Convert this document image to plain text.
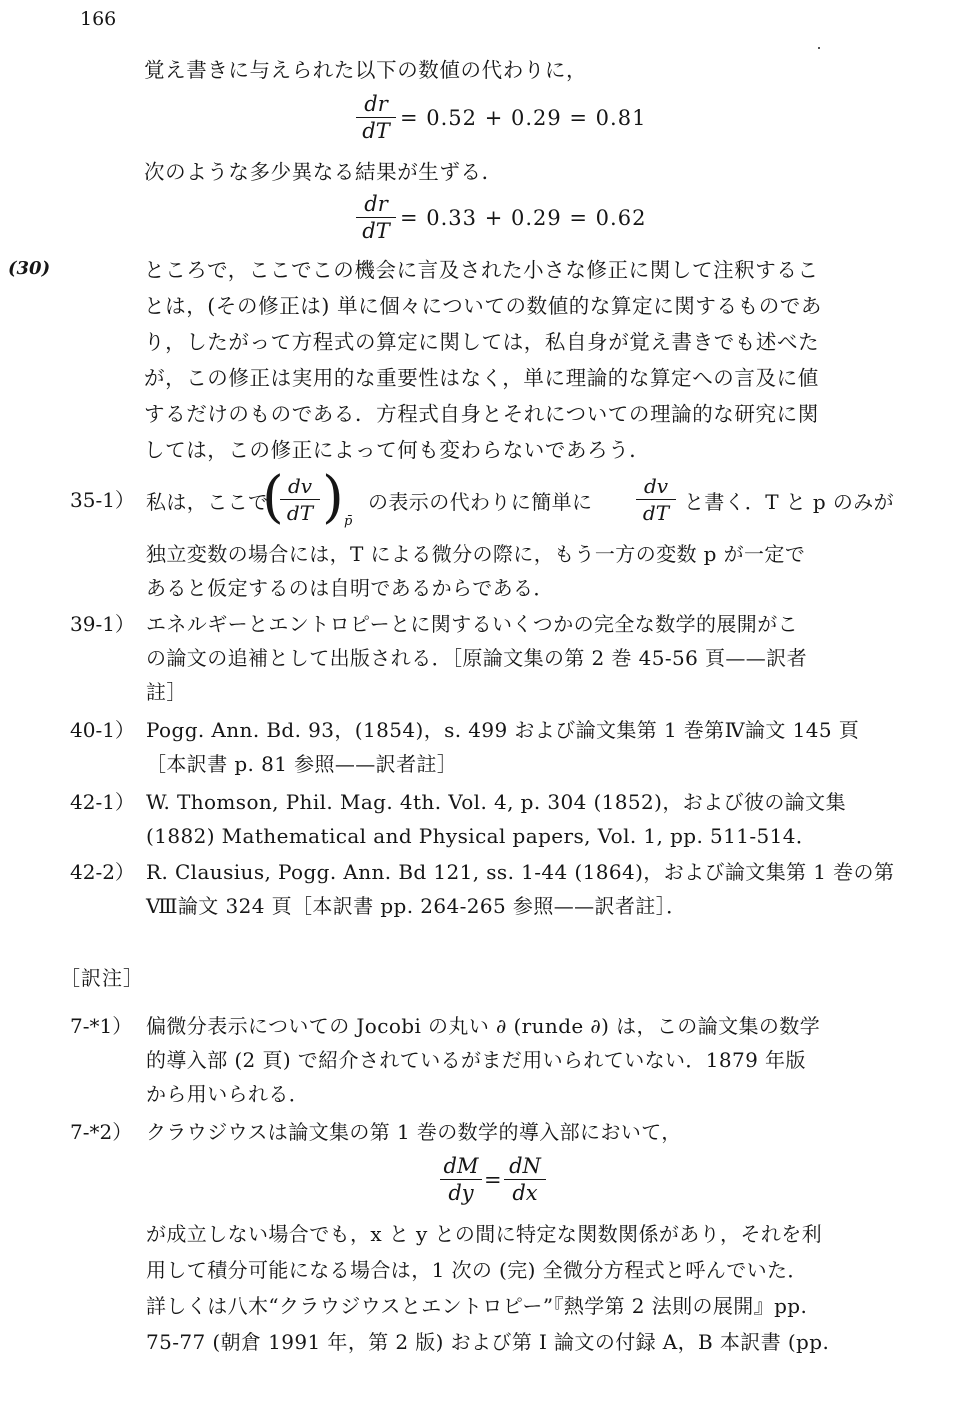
166
覚え書きに与えられた以下の数値の代わりに，
dr
dT
= 0.52 + 0.29 = 0.81
次のような多少異なる結果が生ずる．
dr
dT
= 0.33 + 0.29 = 0.62
(30)	ところで，ここでこの機会に言及された小さな修正に関して注釈するこ
とは，(その修正は) 単に個々についての数値的な算定に関するものであ
り，したがって方程式の算定に関しては，私自身が覚え書きでも述べた
が，この修正は実用的な重要性はなく，単に理論的な算定への言及に値
するだけのものである．方程式自身とそれについての理論的な研究に関
しては，この修正によって何も変わらないであろう．
35-1） 私は，ここで
( dv
dT ) p̄
の表示の代わりに簡単に
dv
dT と書く．T と p のみが
独立変数の場合には，T による微分の際に，もう一方の変数 p が一定で
あると仮定するのは自明であるからである．
39-1） エネルギーとエントロピーとに関するいくつかの完全な数学的展開がこ
の論文の追補として出版される．［原論文集の第 2 巻 45-56 頁——訳者
註］
40-1） Pogg. Ann. Bd. 93，(1854)，s. 499 および論文集第 1 巻第Ⅳ論文 145 頁
［本訳書 p. 81 参照——訳者註］
42-1） W. Thomson, Phil. Mag. 4th. Vol. 4, p. 304 (1852)，および彼の論文集
(1882) Mathematical and Physical papers, Vol. 1, pp. 511-514．
42-2） R. Clausius, Pogg. Ann. Bd 121, ss. 1-44 (1864)，および論文集第 1 巻の第
Ⅷ論文 324 頁［本訳書 pp. 264-265 参照——訳者註］．
［訳注］
7-*1） 偏微分表示についての Jocobi の丸い ∂ (runde ∂) は，この論文集の数学
的導入部 (2 頁) で紹介されているがまだ用いられていない．1879 年版
から用いられる．
7-*2） クラウジウスは論文集の第 1 巻の数学的導入部において，
dM
dy
=
dN
dx
が成立しない場合でも，x と y との間に特定な関数関係があり，それを利
用して積分可能になる場合は，1 次の (完) 全微分方程式と呼んでいた．
詳しくは八木“クラウジウスとエントロピー”『熱学第 2 法則の展開』pp.
75-77 (朝倉 1991 年，第 2 版) および第 I 論文の付録 A，B 本訳書 (pp.
